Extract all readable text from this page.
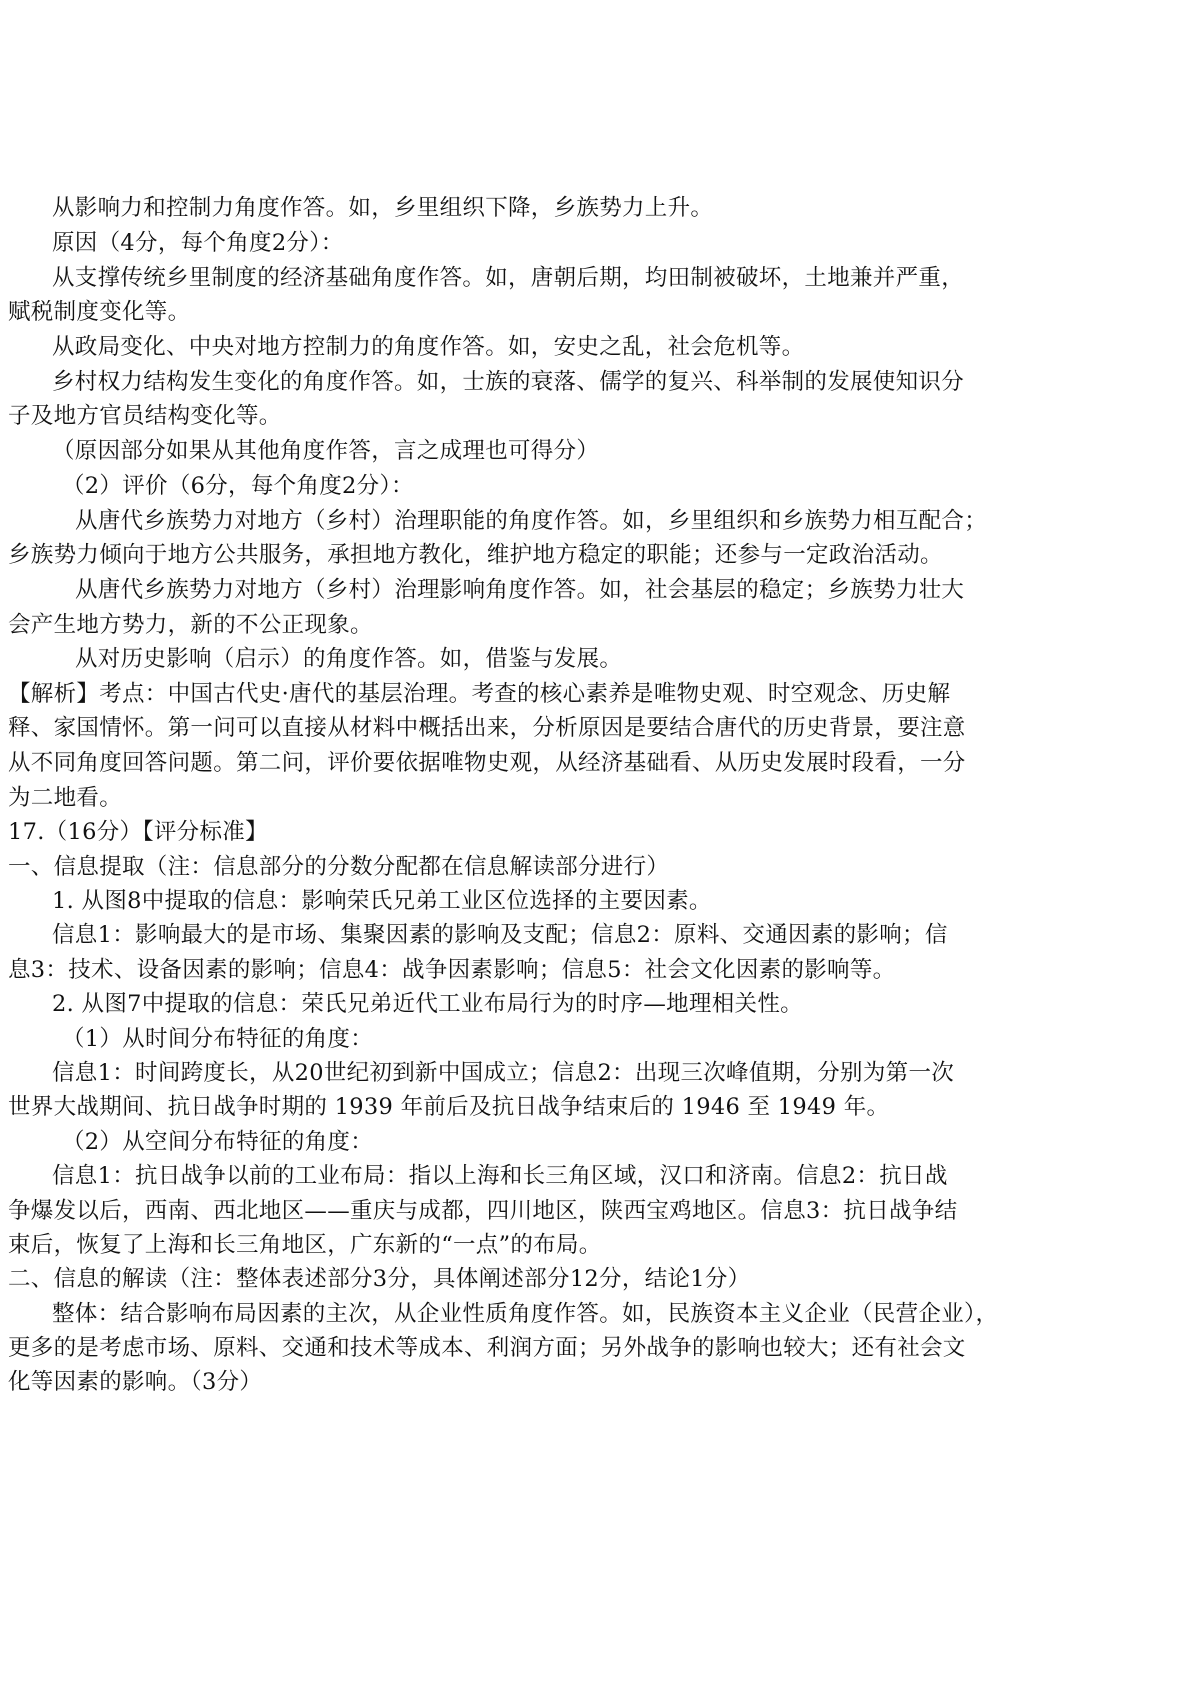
从影响力和控制力角度作答。如，乡里组织下降，乡族势力上升。
原因（4分，每个角度2分）：
从支撑传统乡里制度的经济基础角度作答。如，唐朝后期，均田制被破坏，土地兼并严重，
赋税制度变化等。
从政局变化、中央对地方控制力的角度作答。如，安史之乱，社会危机等。
乡村权力结构发生变化的角度作答。如，士族的衰落、儒学的复兴、科举制的发展使知识分
子及地方官员结构变化等。
（原因部分如果从其他角度作答，言之成理也可得分）
（2）评价（6分，每个角度2分）：
从唐代乡族势力对地方（乡村）治理职能的角度作答。如，乡里组织和乡族势力相互配合；
乡族势力倾向于地方公共服务，承担地方教化，维护地方稳定的职能；还参与一定政治活动。
从唐代乡族势力对地方（乡村）治理影响角度作答。如，社会基层的稳定；乡族势力壮大
会产生地方势力，新的不公正现象。
从对历史影响（启示）的角度作答。如，借鉴与发展。
【解析】考点：中国古代史·唐代的基层治理。考查的核心素养是唯物史观、时空观念、历史解
释、家国情怀。第一问可以直接从材料中概括出来，分析原因是要结合唐代的历史背景，要注意
从不同角度回答问题。第二问，评价要依据唯物史观，从经济基础看、从历史发展时段看，一分
为二地看。
17.（16分）【评分标准】
一、信息提取（注：信息部分的分数分配都在信息解读部分进行）
1. 从图8中提取的信息：影响荣氏兄弟工业区位选择的主要因素。
信息1：影响最大的是市场、集聚因素的影响及支配；信息2：原料、交通因素的影响；信
息3：技术、设备因素的影响；信息4：战争因素影响；信息5：社会文化因素的影响等。
2. 从图7中提取的信息：荣氏兄弟近代工业布局行为的时序—地理相关性。
（1）从时间分布特征的角度：
信息1：时间跨度长，从20世纪初到新中国成立；信息2：出现三次峰值期，分别为第一次
世界大战期间、抗日战争时期的 1939 年前后及抗日战争结束后的 1946 至 1949 年。
（2）从空间分布特征的角度：
信息1：抗日战争以前的工业布局：指以上海和长三角区域，汉口和济南。信息2：抗日战
争爆发以后，西南、西北地区——重庆与成都，四川地区，陕西宝鸡地区。信息3：抗日战争结
束后，恢复了上海和长三角地区，广东新的“一点”的布局。
二、信息的解读（注：整体表述部分3分，具体阐述部分12分，结论1分）
整体：结合影响布局因素的主次，从企业性质角度作答。如，民族资本主义企业（民营企业），
更多的是考虑市场、原料、交通和技术等成本、利润方面；另外战争的影响也较大；还有社会文
化等因素的影响。（3分）
